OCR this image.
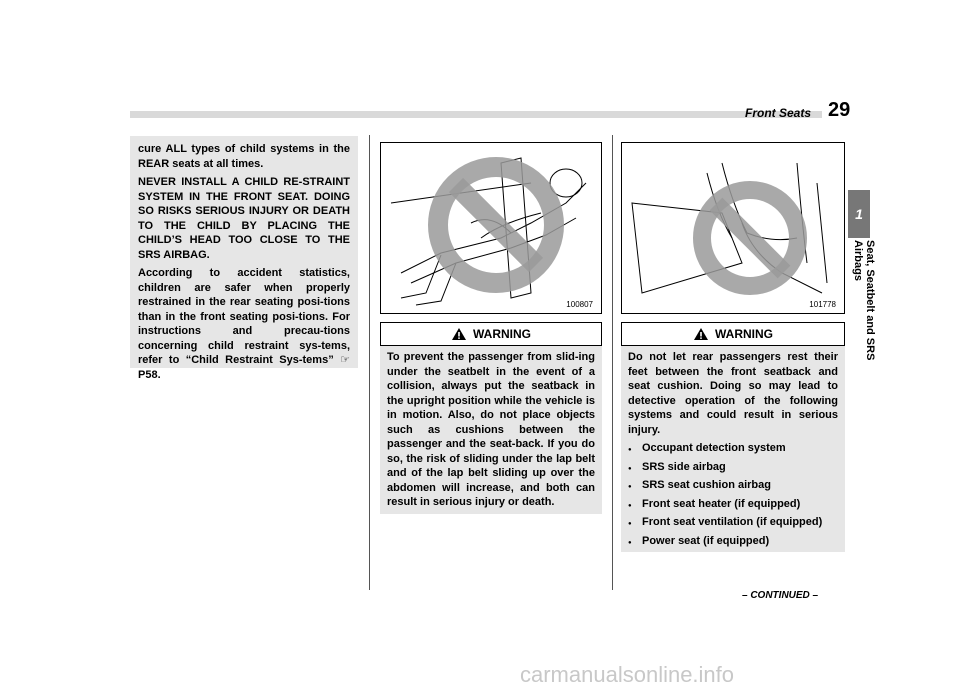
Front Seats 29
1
Seat, Seatbelt and SRS Airbags

cure ALL types of child systems in the REAR seats at all times.

NEVER INSTALL A CHILD RE-STRAINT SYSTEM IN THE FRONT SEAT. DOING SO RISKS SERIOUS INJURY OR DEATH TO THE CHILD BY PLACING THE CHILD’S HEAD TOO CLOSE TO THE SRS AIRBAG.

According to accident statistics, children are safer when properly restrained in the rear seating posi-tions than in the front seating posi-tions. For instructions and precau-tions concerning child restraint sys-tems, refer to “Child Restraint Sys-tems” ☞P58.

100807
WARNING
To prevent the passenger from slid-ing under the seatbelt in the event of a collision, always put the seatback in the upright position while the vehicle is in motion. Also, do not place objects such as cushions between the passenger and the seat-back. If you do so, the risk of sliding under the lap belt and of the lap belt sliding up over the abdomen will increase, and both can result in serious injury or death.
101778
WARNING

Do not let rear passengers rest their feet between the front seatback and seat cushion. Doing so may lead to detective operation of the following systems and could result in serious injury.

● Occupant detection system
● SRS side airbag
● SRS seat cushion airbag
● Front seat heater (if equipped)
● Front seat ventilation (if equipped)
● Power seat (if equipped)
– CONTINUED –
carmanualsonline.info
